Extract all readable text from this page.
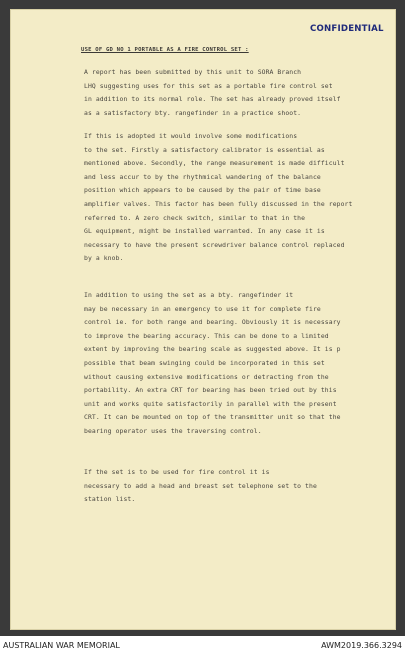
CONFIDENTIAL
USE OF GD NO 1 PORTABLE AS A FIRE CONTROL SET :
A report has been submitted by this unit to SORA Branch
LHQ suggesting uses for this set as a portable fire control set
in addition to its normal role. The set has already proved itself
as a satisfactory bty. rangefinder in a practice shoot.
If this is adopted it would involve some modifications
to the set. Firstly a satisfactory calibrator is essential as
mentioned above. Secondly, the range measurement is made difficult
and less accur to by the rhythmical wandering of the balance
position which appears to be caused by the pair of time base
amplifier valves. This factor has been fully discussed in the report
referred to. A zero check switch, similar to that in the
GL equipment, might be installed warranted. In any case it is
necessary to have the present screwdriver balance control replaced
by a knob.
In addition to using the set as a bty. rangefinder it
may be necessary in an emergency to use it for complete fire
control ie. for both range and bearing. Obviously it is necessary
to improve the bearing accuracy. This can be done to a limited
extent by improving the bearing scale as suggested above. It is p
possible that beam swinging could be incorporated in this set
without causing extensive modifications or detracting from the
portability. An extra CRT for bearing has been tried out by this
unit and works quite satisfactorily in parallel with the present
CRT. It can be mounted on top of the transmitter unit so that the
bearing operator uses the traversing control.
If the set is to be used for fire control it is
necessary to add a head and breast set telephone set to the
station list.
AUSTRALIAN WAR MEMORIAL	AWM2019.366.3294
